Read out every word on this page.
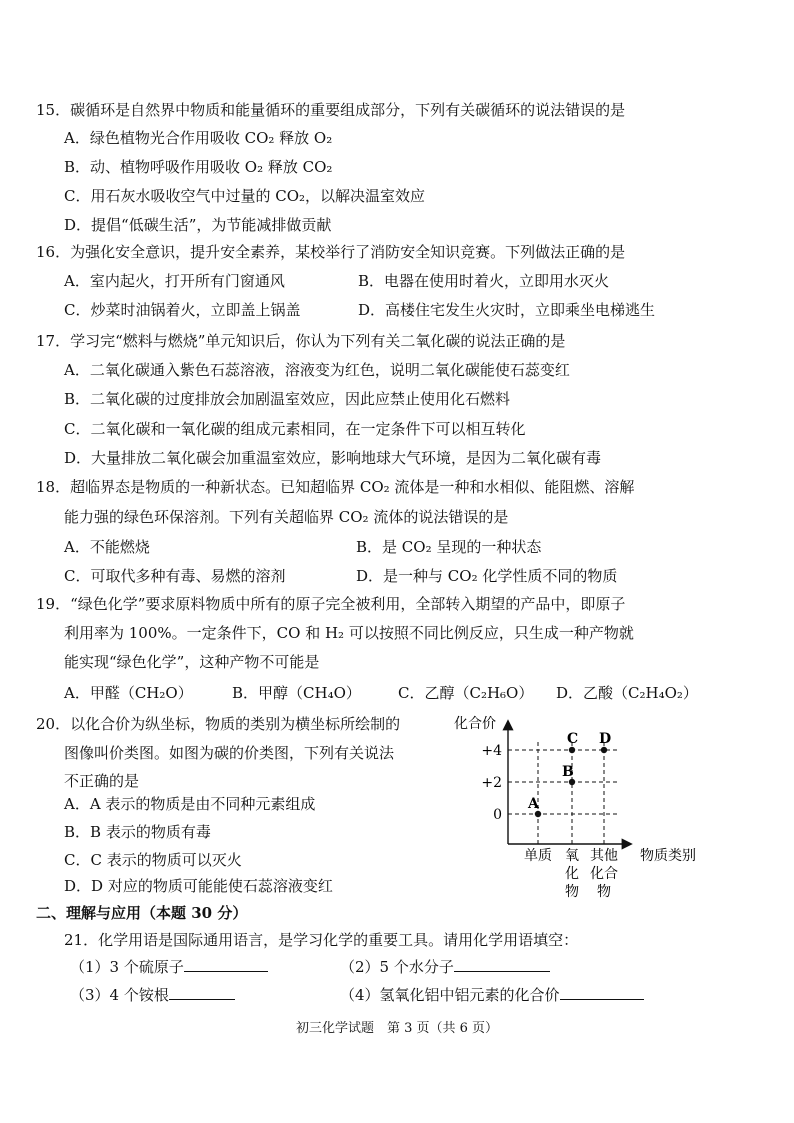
15．碳循环是自然界中物质和能量循环的重要组成部分，下列有关碳循环的说法错误的是
A．绿色植物光合作用吸收 CO₂ 释放 O₂
B．动、植物呼吸作用吸收 O₂ 释放 CO₂
C．用石灰水吸收空气中过量的 CO₂，以解决温室效应
D．提倡“低碳生活”，为节能减排做贡献
16．为强化安全意识，提升安全素养，某校举行了消防安全知识竞赛。下列做法正确的是
A．室内起火，打开所有门窗通风	B．电器在使用时着火，立即用水灭火
C．炒菜时油锅着火，立即盖上锅盖	D．高楼住宅发生火灾时，立即乘坐电梯逃生
17．学习完“燃料与燃烧”单元知识后，你认为下列有关二氧化碳的说法正确的是
A．二氧化碳通入紫色石蕊溶液，溶液变为红色，说明二氧化碳能使石蕊变红
B．二氧化碳的过度排放会加剧温室效应，因此应禁止使用化石燃料
C．二氧化碳和一氧化碳的组成元素相同，在一定条件下可以相互转化
D．大量排放二氧化碳会加重温室效应，影响地球大气环境，是因为二氧化碳有毒
18．超临界态是物质的一种新状态。已知超临界 CO₂ 流体是一种和水相似、能阻燃、溶解
能力强的绿色环保溶剂。下列有关超临界 CO₂ 流体的说法错误的是
A．不能燃烧	B．是 CO₂ 呈现的一种状态
C．可取代多种有毒、易燃的溶剂	D．是一种与 CO₂ 化学性质不同的物质
19．“绿色化学”要求原料物质中所有的原子完全被利用，全部转入期望的产品中，即原子
利用率为 100%。一定条件下，CO 和 H₂ 可以按照不同比例反应，只生成一种产物就
能实现“绿色化学”，这种产物不可能是
A．甲醛（CH₂O）	B．甲醇（CH₄O） C．乙醇（C₂H₆O） D．乙酸（C₂H₄O₂）
20．以化合价为纵坐标，物质的类别为横坐标所绘制的
图像叫价类图。如图为碳的价类图，下列有关说法
不正确的是
A．A 表示的物质是由不同种元素组成
B．B 表示的物质有毒
C．C 表示的物质可以灭火
D．D 对应的物质可能能使石蕊溶液变红
化合价
+4
+2
0
单质 氧
化
物
其他
化合
物
物质类别
A
B
C D
二、理解与应用（本题 30 分）
21．化学用语是国际通用语言，是学习化学的重要工具。请用化学用语填空：
（1）3 个硫原子	（2）5 个水分子
（3）4 个铵根	（4）氢氧化铝中铝元素的化合价
初三化学试题　第 3 页（共 6 页）
